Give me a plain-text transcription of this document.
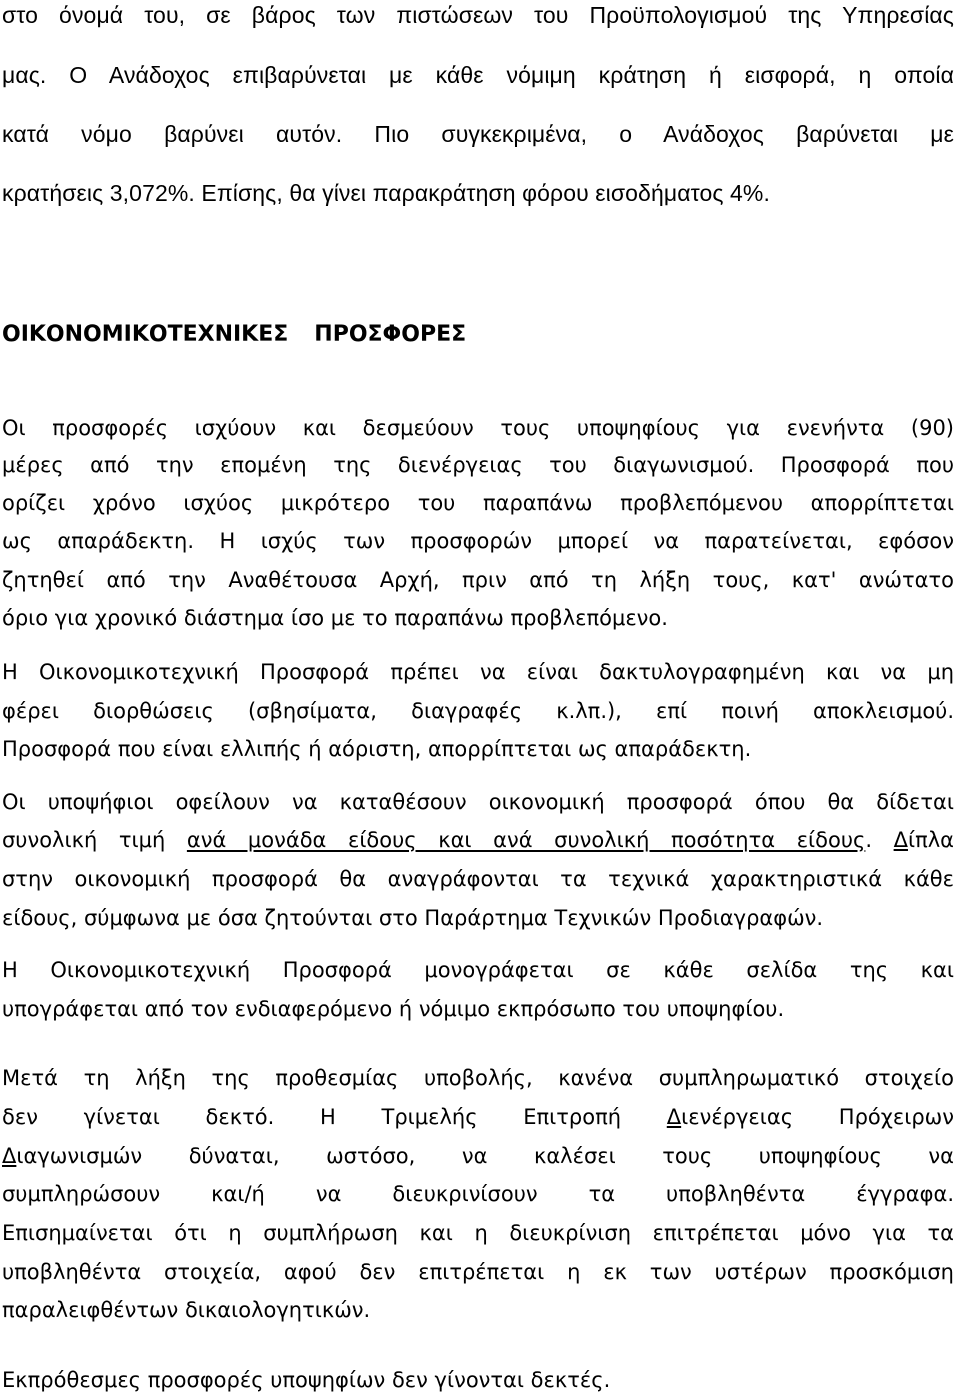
στο όνομά του, σε βάρος των πιστώσεων του Προϋπολογισμού της Υπηρεσίας
μας. Ο Ανάδοχος επιβαρύνεται με κάθε νόμιμη κράτηση ή εισφορά, η οποία
κατά νόμο βαρύνει αυτόν. Πιο συγκεκριμένα, ο Ανάδοχος βαρύνεται με
κρατήσεις 3,072%. Επίσης, θα γίνει παρακράτηση φόρου εισοδήματος 4%.
ΟΙΚΟΝΟΜΙΚΟΤΕΧΝΙΚΕΣ ΠΡΟΣΦΟΡΕΣ
Οι προσφορές ισχύουν και δεσμεύουν τους υποψηφίους για ενενήντα (90)
μέρες από την επομένη της διενέργειας του διαγωνισμού. Προσφορά που
ορίζει χρόνο ισχύος μικρότερο του παραπάνω προβλεπόμενου απορρίπτεται
ως απαράδεκτη. Η ισχύς των προσφορών μπορεί να παρατείνεται, εφόσον
ζητηθεί από την Αναθέτουσα Αρχή, πριν από τη λήξη τους, κατ' ανώτατο
όριο για χρονικό διάστημα ίσο με το παραπάνω προβλεπόμενο.
Η Οικονομικοτεχνική Προσφορά πρέπει να είναι δακτυλογραφημένη και να μη
φέρει διορθώσεις (σβησίματα, διαγραφές κ.λπ.), επί ποινή αποκλεισμού.
Προσφορά που είναι ελλιπής ή αόριστη, απορρίπτεται ως απαράδεκτη.
Οι υποψήφιοι οφείλουν να καταθέσουν οικονομική προσφορά όπου θα δίδεται
συνολική τιμή ανά μονάδα είδους και ανά συνολική ποσότητα είδους. Δίπλα
στην οικονομική προσφορά θα αναγράφονται τα τεχνικά χαρακτηριστικά κάθε
είδους, σύμφωνα με όσα ζητούνται στο Παράρτημα Τεχνικών Προδιαγραφών.
Η Οικονομικοτεχνική Προσφορά μονογράφεται σε κάθε σελίδα της και
υπογράφεται από τον ενδιαφερόμενο ή νόμιμο εκπρόσωπο του υποψηφίου.
Μετά τη λήξη της προθεσμίας υποβολής, κανένα συμπληρωματικό στοιχείο
δεν γίνεται δεκτό. Η Τριμελής Επιτροπή Διενέργειας Πρόχειρων
Διαγωνισμών δύναται, ωστόσο, να καλέσει τους υποψηφίους να
συμπληρώσουν και/ή να διευκρινίσουν τα υποβληθέντα έγγραφα.
Επισημαίνεται ότι η συμπλήρωση και η διευκρίνιση επιτρέπεται μόνο για τα
υποβληθέντα στοιχεία, αφού δεν επιτρέπεται η εκ των υστέρων προσκόμιση
παραλειφθέντων δικαιολογητικών.
Εκπρόθεσμες προσφορές υποψηφίων δεν γίνονται δεκτές.
